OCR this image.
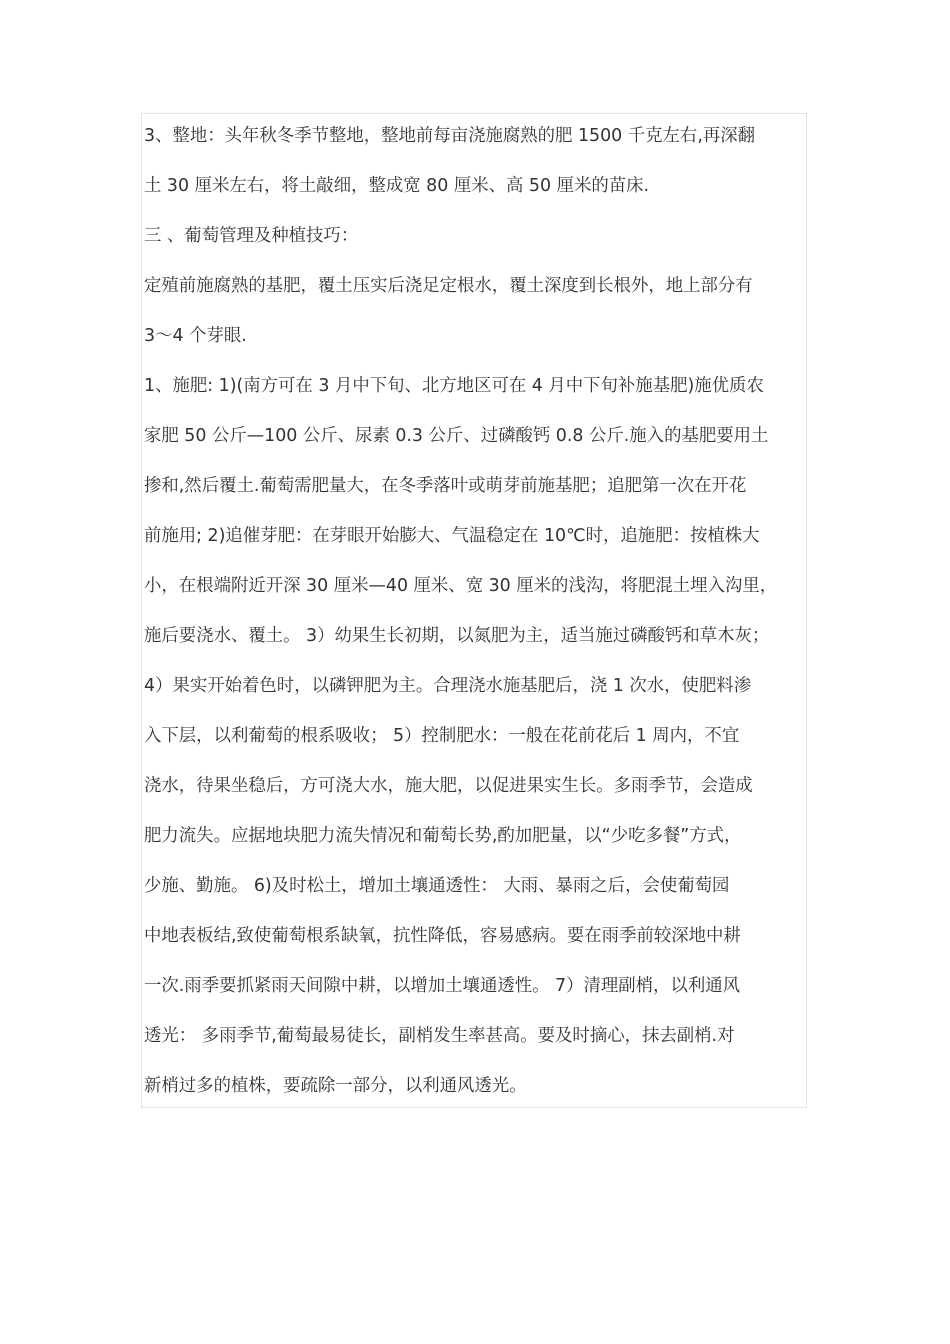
3、整地：头年秋冬季节整地，整地前每亩浇施腐熟的肥 1500 千克左右,再深翻
土 30 厘米左右，将土敲细，整成宽 80 厘米、高 50 厘米的苗床.
三 、葡萄管理及种植技巧：
定殖前施腐熟的基肥，覆土压实后浇足定根水，覆土深度到长根外，地上部分有
3～4 个芽眼.
1、施肥: 1)(南方可在 3 月中下旬、北方地区可在 4 月中下旬补施基肥)施优质农
家肥 50 公斤—100 公斤、尿素 0.3 公斤、过磷酸钙 0.8 公斤.施入的基肥要用土
掺和,然后覆土.葡萄需肥量大，在冬季落叶或萌芽前施基肥；追肥第一次在开花
前施用; 2)追催芽肥：在芽眼开始膨大、气温稳定在 10℃时，追施肥：按植株大
小，在根端附近开深 30 厘米—40 厘米、宽 30 厘米的浅沟，将肥混土埋入沟里，
施后要浇水、覆土。 3）幼果生长初期，以氮肥为主，适当施过磷酸钙和草木灰；
4）果实开始着色时，以磷钾肥为主。合理浇水施基肥后，浇 1 次水，使肥料渗
入下层，以利葡萄的根系吸收； 5）控制肥水：一般在花前花后 1 周内，不宜
浇水，待果坐稳后，方可浇大水，施大肥，以促进果实生长。多雨季节，会造成
肥力流失。应据地块肥力流失情况和葡萄长势,酌加肥量，以“少吃多餐”方式，
少施、勤施。 6)及时松土，增加土壤通透性： 大雨、暴雨之后，会使葡萄园
中地表板结,致使葡萄根系缺氧，抗性降低，容易感病。要在雨季前较深地中耕
一次.雨季要抓紧雨天间隙中耕，以增加土壤通透性。 7）清理副梢，以利通风
透光： 多雨季节,葡萄最易徒长，副梢发生率甚高。要及时摘心，抹去副梢.对
新梢过多的植株，要疏除一部分，以利通风透光。
